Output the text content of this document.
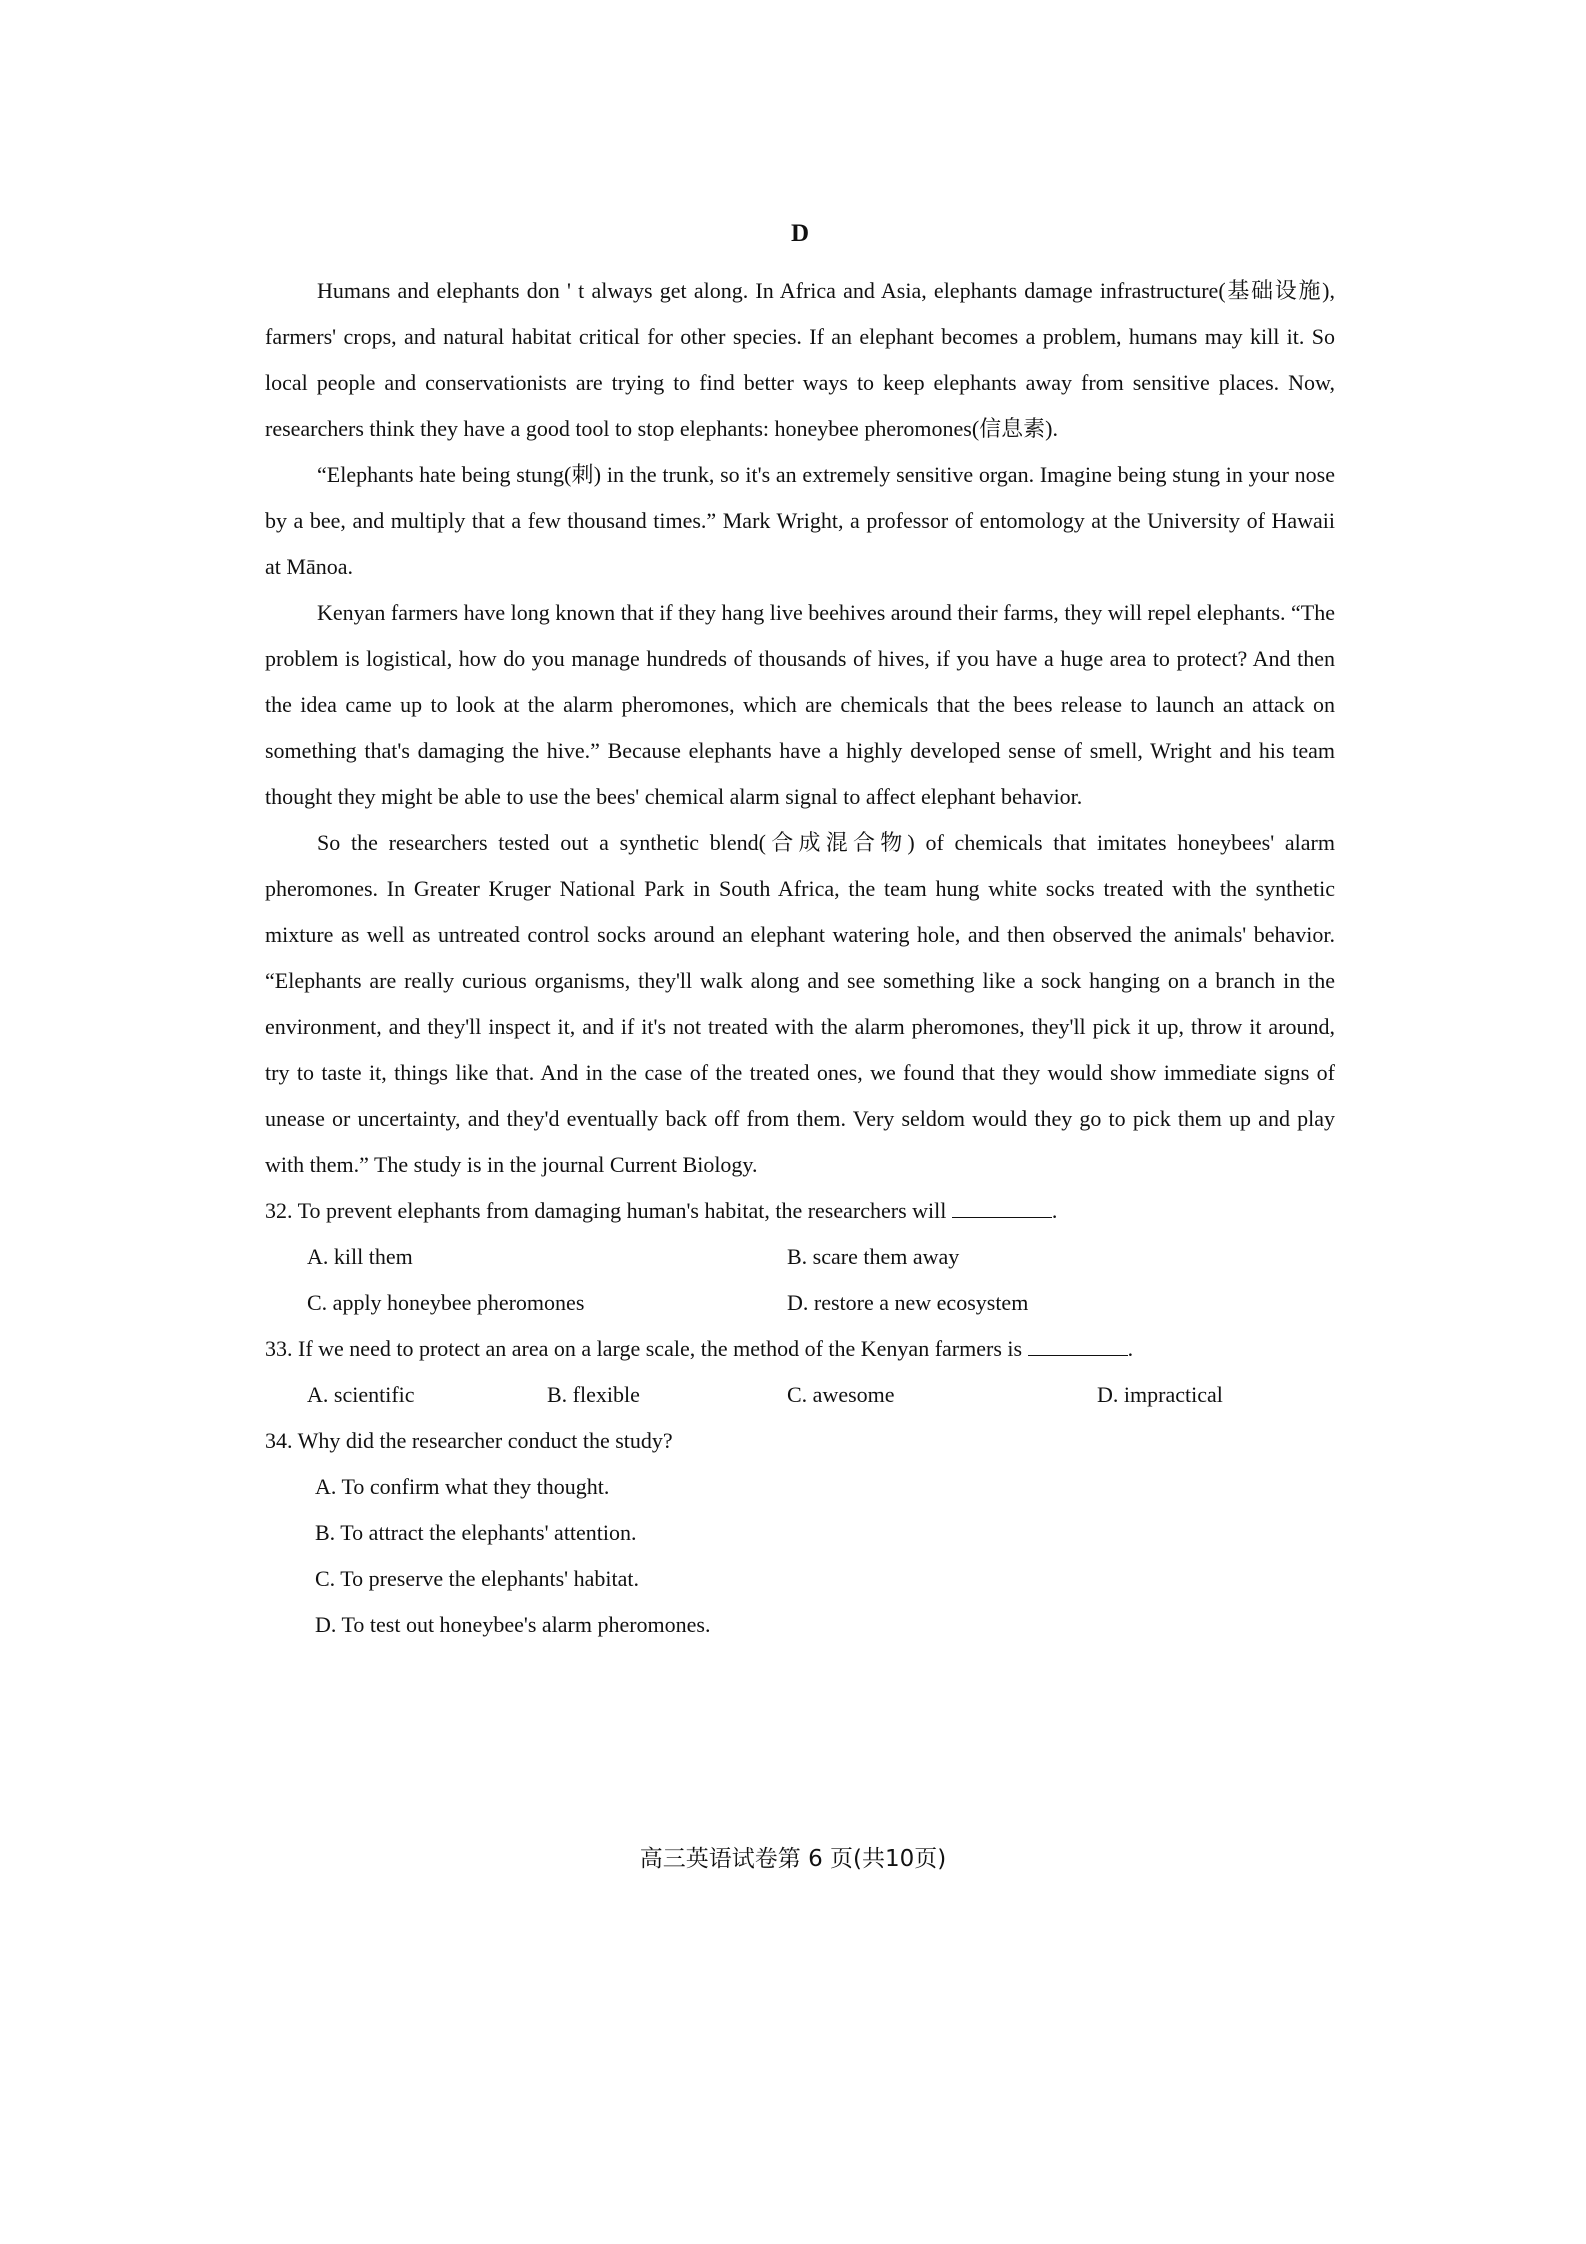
D

Humans and elephants don ' t always get along. In Africa and Asia, elephants damage infrastructure(基础设施), farmers' crops, and natural habitat critical for other species. If an elephant becomes a problem, humans may kill it. So local people and conservationists are trying to find better ways to keep elephants away from sensitive places. Now, researchers think they have a good tool to stop elephants: honeybee pheromones(信息素).

“Elephants hate being stung(刺) in the trunk, so it's an extremely sensitive organ. Imagine being stung in your nose by a bee, and multiply that a few thousand times.” Mark Wright, a professor of entomology at the University of Hawaii at Mānoa.

Kenyan farmers have long known that if they hang live beehives around their farms, they will repel elephants. “The problem is logistical, how do you manage hundreds of thousands of hives, if you have a huge area to protect? And then the idea came up to look at the alarm pheromones, which are chemicals that the bees release to launch an attack on something that's damaging the hive.” Because elephants have a highly developed sense of smell, Wright and his team thought they might be able to use the bees' chemical alarm signal to affect elephant behavior.

So the researchers tested out a synthetic blend(合成混合物) of chemicals that imitates honeybees' alarm pheromones. In Greater Kruger National Park in South Africa, the team hung white socks treated with the synthetic mixture as well as untreated control socks around an elephant watering hole, and then observed the animals' behavior. “Elephants are really curious organisms, they'll walk along and see something like a sock hanging on a branch in the environment, and they'll inspect it, and if it's not treated with the alarm pheromones, they'll pick it up, throw it around, try to taste it, things like that. And in the case of the treated ones, we found that they would show immediate signs of unease or uncertainty, and they'd eventually back off from them. Very seldom would they go to pick them up and play with them.” The study is in the journal Current Biology.

32. To prevent elephants from damaging human's habitat, the researchers will	.

A. kill them	B. scare them away
C. apply honeybee pheromones	D. restore a new ecosystem

33. If we need to protect an area on a large scale, the method of the Kenyan farmers is	.

A. scientific	B. flexible	C. awesome	D. impractical

34. Why did the researcher conduct the study?

A. To confirm what they thought.
B. To attract the elephants' attention.
C. To preserve the elephants' habitat.
D. To test out honeybee's alarm pheromones.
高三英语试卷第 6 页(共10页)
